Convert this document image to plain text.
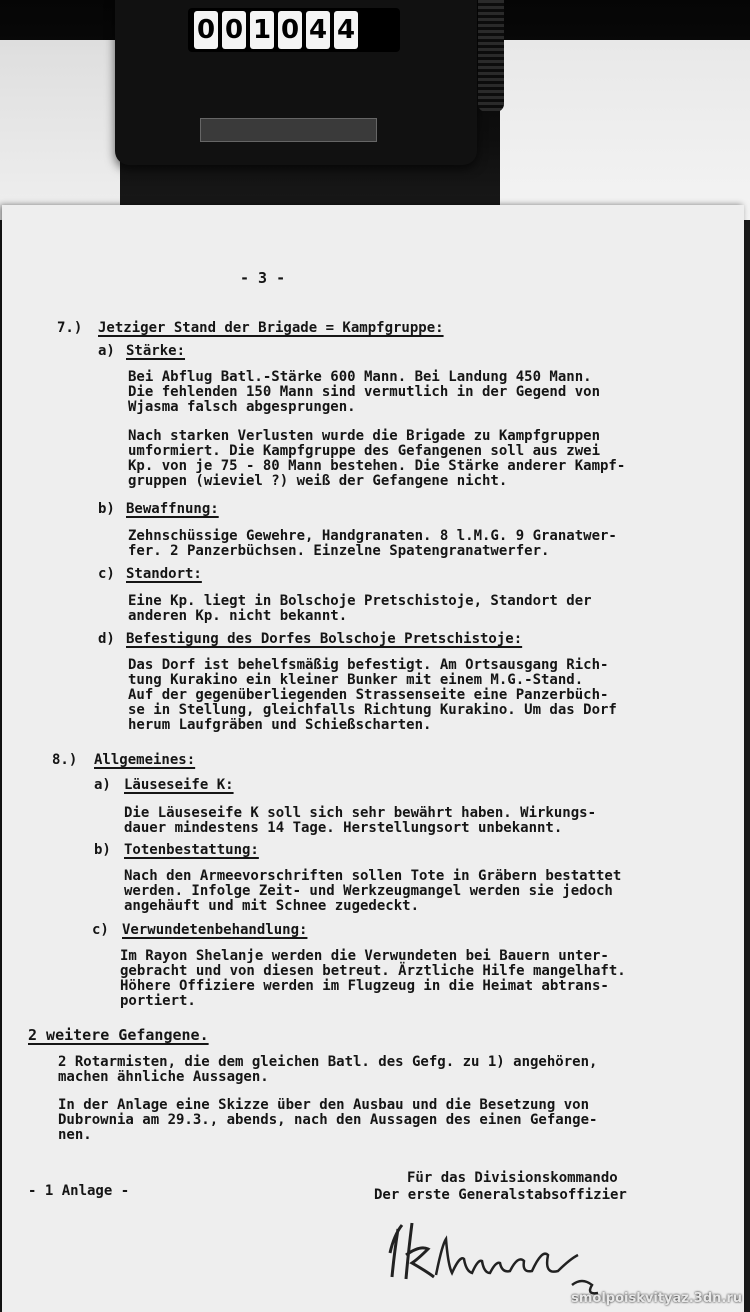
0 0 1 0 4 4
- 3 -
7.) Jetziger Stand der Brigade = Kampfgruppe:
a) Stärke:
Bei Abflug Batl.-Stärke 600 Mann. Bei Landung 450 Mann.
Die fehlenden 150 Mann sind vermutlich in der Gegend von
Wjasma falsch abgesprungen.
Nach starken Verlusten wurde die Brigade zu Kampfgruppen
umformiert. Die Kampfgruppe des Gefangenen soll aus zwei
Kp. von je 75 - 80 Mann bestehen. Die Stärke anderer Kampf-
gruppen (wieviel ?) weiß der Gefangene nicht.
b) Bewaffnung:
Zehnschüssige Gewehre, Handgranaten. 8 l.M.G. 9 Granatwer-
fer. 2 Panzerbüchsen. Einzelne Spatengranatwerfer.
c) Standort:
Eine Kp. liegt in Bolschoje Pretschistoje, Standort der
anderen Kp. nicht bekannt.
d) Befestigung des Dorfes Bolschoje Pretschistoje:
Das Dorf ist behelfsmäßig befestigt. Am Ortsausgang Rich-
tung Kurakino ein kleiner Bunker mit einem M.G.-Stand.
Auf der gegenüberliegenden Strassenseite eine Panzerbüch-
se in Stellung, gleichfalls Richtung Kurakino. Um das Dorf
herum Laufgräben und Schießscharten.
8.) Allgemeines:
a) Läuseseife K:
Die Läuseseife K soll sich sehr bewährt haben. Wirkungs-
dauer mindestens 14 Tage. Herstellungsort unbekannt.
b) Totenbestattung:
Nach den Armeevorschriften sollen Tote in Gräbern bestattet
werden. Infolge Zeit- und Werkzeugmangel werden sie jedoch
angehäuft und mit Schnee zugedeckt.
c) Verwundetenbehandlung:
Im Rayon Shelanje werden die Verwundeten bei Bauern unter-
gebracht und von diesen betreut. Ärztliche Hilfe mangelhaft.
Höhere Offiziere werden im Flugzeug in die Heimat abtrans-
portiert.
2 weitere Gefangene.
2 Rotarmisten, die dem gleichen Batl. des Gefg. zu 1) angehören,
machen ähnliche Aussagen.
In der Anlage eine Skizze über den Ausbau und die Besetzung von
Dubrownia am 29.3., abends, nach den Aussagen des einen Gefange-
nen.
- 1 Anlage -
Für das Divisionskommando
Der erste Generalstabsoffizier
smolpoiskvityaz.3dn.ru
